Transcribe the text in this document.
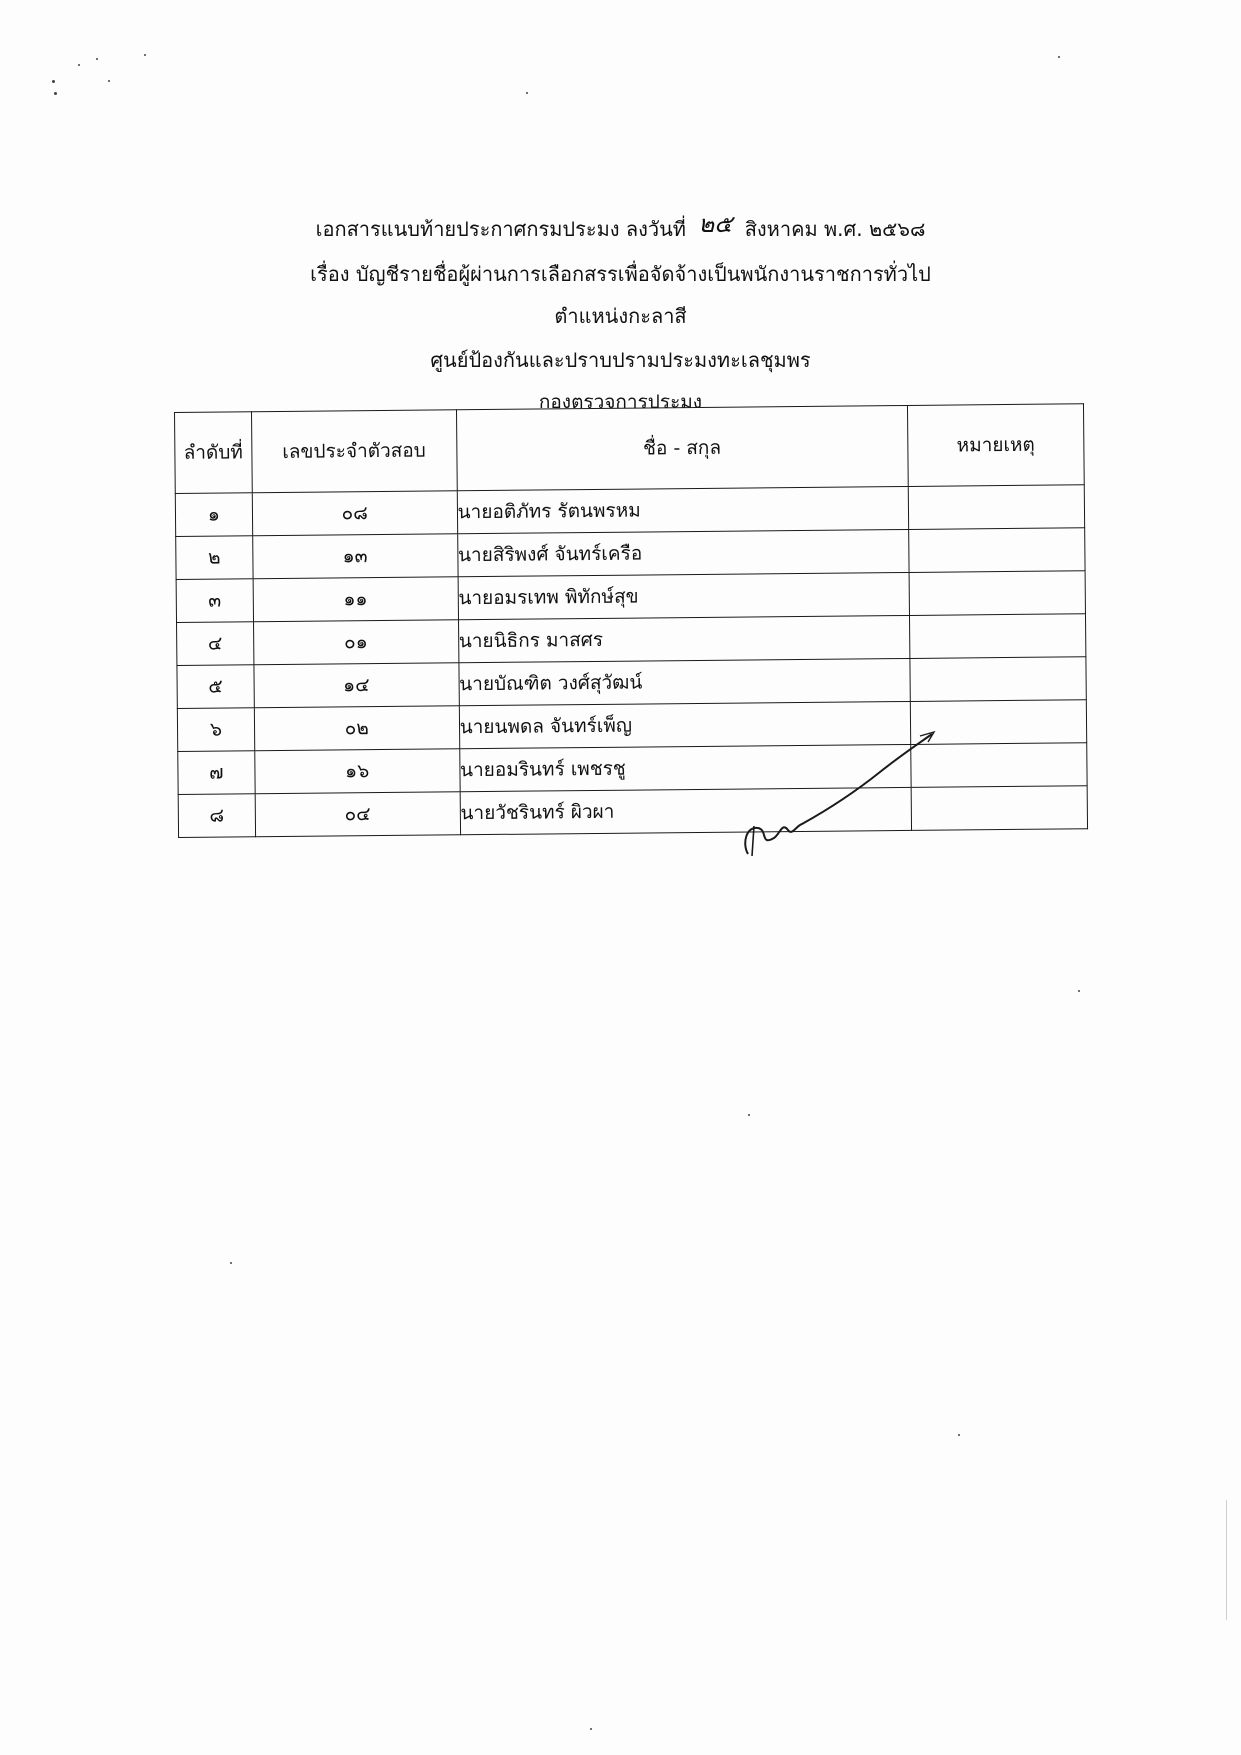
เอกสารแนบท้ายประกาศกรมประมง ลงวันที่ ๒๕ สิงหาคม พ.ศ. ๒๕๖๘
เรื่อง บัญชีรายชื่อผู้ผ่านการเลือกสรรเพื่อจัดจ้างเป็นพนักงานราชการทั่วไป
ตำแหน่งกะลาสี
ศูนย์ป้องกันและปราบปรามประมงทะเลชุมพร
กองตรวจการประมง
ลำดับที่	เลขประจำตัวสอบ	ชื่อ - สกุล	หมายเหตุ
๑	๐๘	นายอติภัทร รัตนพรหม	
๒	๑๓	นายสิริพงศ์ จันทร์เครือ	
๓	๑๑	นายอมรเทพ พิทักษ์สุข	
๔	๐๑	นายนิธิกร มาสศร	
๕	๑๔	นายบัณฑิต วงศ์สุวัฒน์	
๖	๐๒	นายนพดล จันทร์เพ็ญ	
๗	๑๖	นายอมรินทร์ เพชรชู	
๘	๐๔	นายวัชรินทร์ ผิวผา	
